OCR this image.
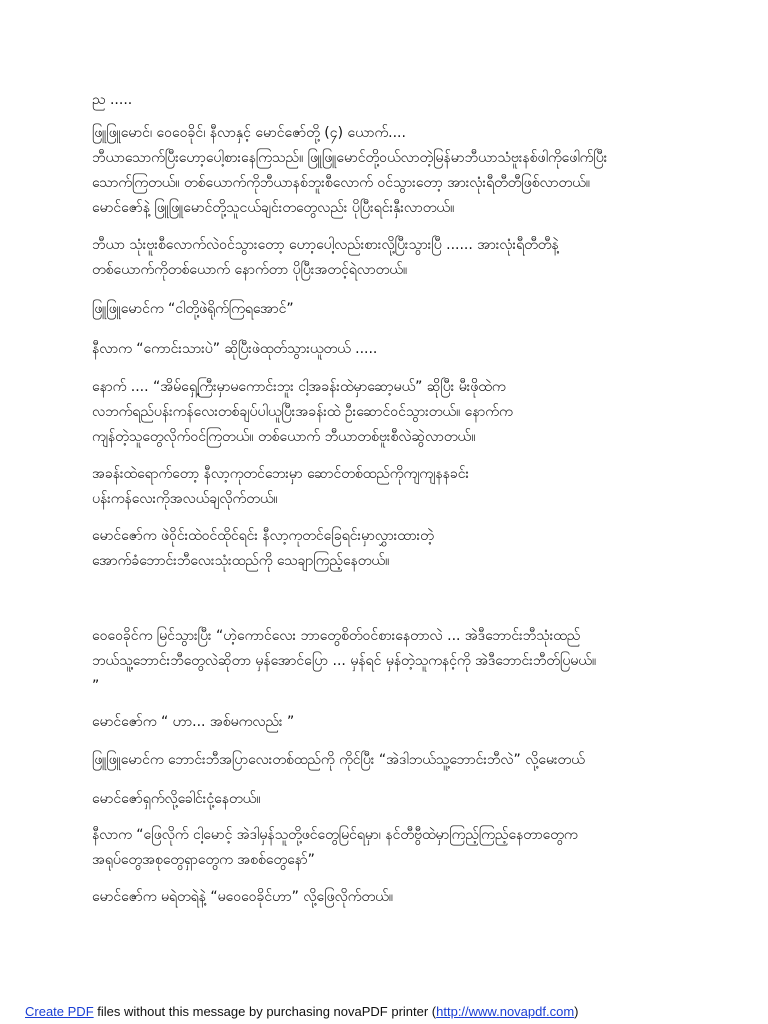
ည .....
ဖြူဖြူမောင်၊ ဝေဝေခိုင်၊ နီလာနှင့် မောင်ဇော်တို့ (၄) ယောက်....
ဘီယာသောက်ပြီးဟော့ပေါ့စားနေကြသည်။ ဖြူဖြူမောင်တို့ဝယ်လာတဲ့မြန်မာဘီယာသံဗူးနစ်ဖါကိုဖေါက်ပြီး
သောက်ကြတယ်။ တစ်ယောက်ကိုဘီယာနစ်ဘူးစီလောက် ဝင်သွားတော့ အားလုံးရီတီတီဖြစ်လာတယ်။
မောင်ဇော်နဲ့ ဖြူဖြူမောင်တို့သူငယ်ချင်းတတွေလည်း ပိုပြီးရင်းနှီးလာတယ်။
ဘီယာ သုံးဗူးစီလောက်လဲဝင်သွားတော့ ဟော့ပေါ့လည်းစားလို့ပြီးသွားပြီ ...... အားလုံးရီတီတီနဲ့
တစ်ယောက်ကိုတစ်ယောက် နောက်တာ ပိုပြီးအတင့်ရဲလာတယ်။
ဖြူဖြူမောင်က “ငါတို့ဖဲရိုက်ကြရအောင်”
နီလာက “ကောင်းသားပဲ” ဆိုပြီးဖဲထုတ်သွားယူတယ် .....
နောက် .... “အိမ်ရှေ့ကြီးမှာမကောင်းဘူး ငါ့အခန်းထဲမှာဆော့မယ်” ဆိုပြီး မီးဖိုထဲက
လဘက်ရည်ပန်းကန်လေးတစ်ချပ်ပါယူပြီးအခန်းထဲ ဦးဆောင်ဝင်သွားတယ်။ နောက်က
ကျန်တဲ့သူတွေလိုက်ဝင်ကြတယ်။ တစ်ယောက် ဘီယာတစ်ဗူးစီလဲဆွဲလာတယ်။
အခန်းထဲရောက်တော့ နီလာ့ကုတင်ဘေးမှာ ဆောင်တစ်ထည်ကိုကျကျနနခင်း
ပန်းကန်လေးကိုအလယ်ချလိုက်တယ်။
မောင်ဇော်က ဖဲဝိုင်းထဲဝင်ထိုင်ရင်း နီလာ့ကုတင်ခြေရင်းမှာလွှားထားတဲ့
အောက်ခံဘောင်းဘီလေးသုံးထည်ကို သေချာကြည့်နေတယ်။
ဝေဝေခိုင်က မြင်သွားပြီး “ဟဲ့ကောင်လေး ဘာတွေစိတ်ဝင်စားနေတာလဲ ... အဲဒီဘောင်းဘီသုံးထည်
ဘယ်သူ့ဘောင်းဘီတွေလဲဆိုတာ မှန်အောင်ပြော ... မှန်ရင် မှန်တဲ့သူကနင့်ကို အဲဒီဘောင်းဘီတ်ပြမယ်။
”
မောင်ဇော်က “ ဟာ... အစ်မကလည်း ”
ဖြူဖြူမောင်က ဘောင်းဘီအပြာလေးတစ်ထည်ကို ကိုင်ပြီး “အဲဒါဘယ်သူ့ဘောင်းဘီလဲ” လို့မေးတယ်
မောင်ဇော်ရှက်လို့ခေါင်းငုံ့နေတယ်။
နီလာက “ဖြေလိုက် ငါ့မောင့် အဲဒါမှန်သူတို့ဖင်တွေမြင်ရမှာ၊ နင်တီဗွီထဲမှာကြည့်ကြည့်နေတာတွေက
အရုပ်တွေအစုတွေရှာတွေက အစစ်တွေနော်”
မောင်ဇော်က မရဲတရဲနဲ့ “မဝေဝေခိုင်ဟာ” လို့ဖြေလိုက်တယ်။
Create PDF files without this message by purchasing novaPDF printer (http://www.novapdf.com)
